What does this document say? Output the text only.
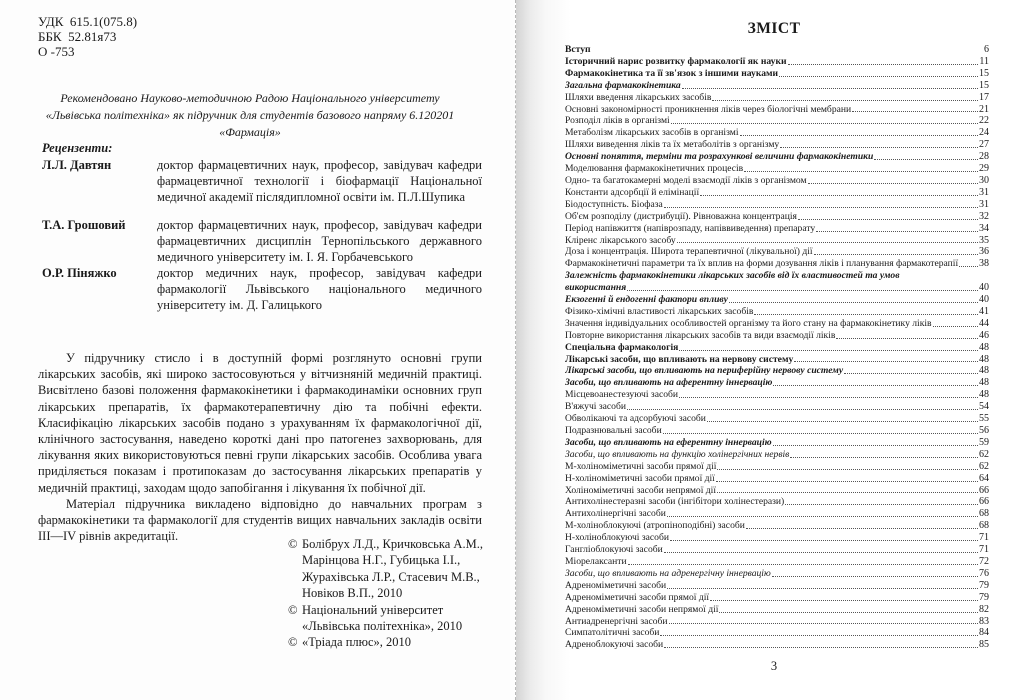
УДК  615.1(075.8)
ББК  52.81я73
О -753
Рекомендовано Науково-методичною Радою Національного університету «Львівська політехніка» як підручник для студентів базового напряму 6.120201 «Фармація»
Рецензенти:
Л.Л. Давтян	доктор фармацевтичних наук, професор, завідувач кафедри фармацевтичної технології і біофармації Національної медичної академії післядипломної освіти ім. П.Л.Шупика
Т.А. Грошовий	доктор фармацевтичних наук, професор, завідувач кафедри фармацевтичних дисциплін Тернопільського державного медичного університету ім. І. Я. Горбачевського
О.Р. Піняжко	доктор медичних наук, професор, завідувач кафедри фармакології Львівського національного медичного університету ім. Д. Галицького

У підручнику стисло і в доступній формі розглянуто основні групи лікарських засобів, які широко застосовуються у вітчизняній медичній практиці. Висвітлено базові положення фармакокінетики і фармакодинаміки основних груп лікарських препаратів, їх фармакотерапевтичну дію та побічні ефекти. Класифікацію лікарських засобів подано з урахуванням їх фармакологічної дії, клінічного застосування, наведено короткі дані про патогенез захворювань, для лікування яких використовуються певні групи лікарських засобів. Особлива увага приділяється показам і протипоказам до застосування лікарських препаратів у медичній практиці, заходам щодо запобігання і лікування їх побічної дії.

Матеріал підручника викладено відповідно до навчальних програм з фармакокінетики та фармакології для студентів вищих навчальних закладів освіти ІІІ—IV рівнів акредитації.

© Болібрух Л.Д., Кричковська А.М.,
Марінцова Н.Г., Губицька І.І.,
Журахівська Л.Р., Стасевич М.В.,
Новіков В.П., 2010
© Національний університет
«Львівська політехніка», 2010
© «Тріада плюс», 2010
ЗМІСТ
3
Вступ	6
Історичний нарис розвитку фармакології як науки	11
Фармакокінетика та її зв'язок з іншими науками	15
Загальна фармакокінетика	15
Шляхи введення лікарських засобів	17
Основні закономірності проникнення ліків через біологічні мембрани	21
Розподіл ліків в організмі	22
Метаболізм лікарських засобів в організмі	24
Шляхи виведення ліків та їх метаболітів з організму	27
Основні поняття, терміни та розрахункові величини фармакокінетики	28
Моделювання фармакокінетичних процесів	29
Одно- та багатокамерні моделі взаємодії ліків з організмом	30
Константи адсорбції й елімінації	31
Біодоступність. Біофаза	31
Об'єм розподілу (дистрибуції). Рівноважна концентрація	32
Період напівжиття (напіврозпаду, напіввиведення) препарату	34
Кліренс лікарського засобу	35
Доза і концентрація. Широта терапевтичної (лікувальної) дії	36
Фармакокінетичні параметри та їх вплив на форми дозування ліків і планування фармакотерапії 38
Залежність фармакокінетики лікарських засобів від їх властивостей та умов
використання	40
Екзогенні й ендогенні фактори впливу	40
Фізико-хімічні властивості лікарських засобів	41
Значення індивідуальних особливостей організму та його стану на фармакокінетику ліків	44
Повторне використання лікарських засобів та види взаємодії ліків	46
Спеціальна фармакологія	48
Лікарські засоби, що впливають на нервову систему	48
Лікарські засоби, що впливають на периферійну нервову систему	48
Засоби, що впливають на аферентну іннервацію	48
Місцевоанестезуючі засоби	48
В'яжучі засоби	54
Обволікаючі та адсорбуючі засоби	55
Подразнювальні засоби	56
Засоби, що впливають на еферентну іннервацію	59
Засоби, що впливають на функцію холінергічних нервів	62
М-холіноміметичні засоби прямої дії	62
Н-холіноміметичні засоби прямої дії	64
Холіноміметичні засоби непрямої дії	66
Антихолінестеразні засоби (інгібітори холінестерази)	66
Антихолінергічні засоби	68
М-холіноблокуючі (атропіноподібні) засоби	68
Н-холіноблокуючі засоби	71
Гангліоблокуючі засоби	71
Міорелаксанти	72
Засоби, що впливають на адренергічну іннервацію	76
Адреноміметичні засоби	79
Адреноміметичні засоби прямої дії	79
Адреноміметичні засоби непрямої дії	82
Антиадренергічні засоби	83
Симпатолітичні засоби	84
Адреноблокуючі засоби	85
